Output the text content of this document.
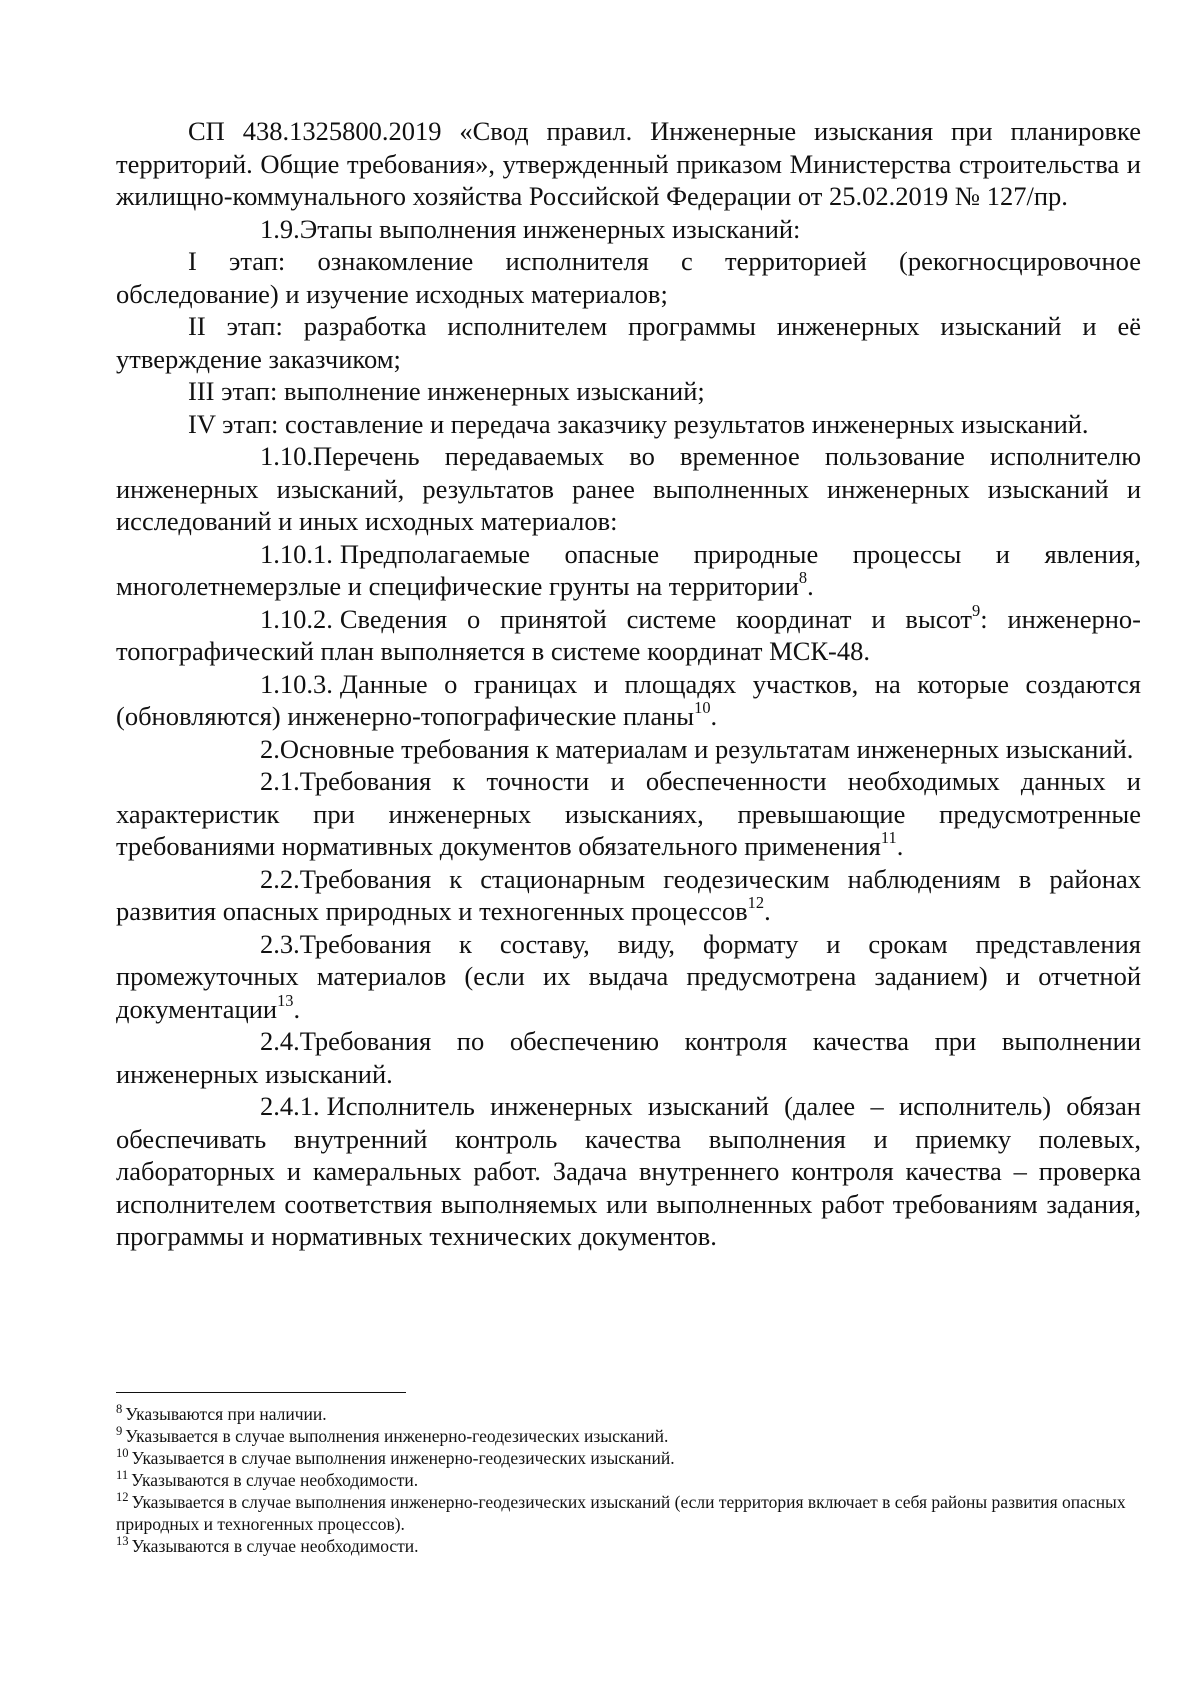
СП 438.1325800.2019 «Свод правил. Инженерные изыскания при планировке территорий. Общие требования», утвержденный приказом Министерства строительства и жилищно-коммунального хозяйства Российской Федерации от 25.02.2019 № 127/пр.

1.9.Этапы выполнения инженерных изысканий:

I этап: ознакомление исполнителя с территорией (рекогносцировочное обследование) и изучение исходных материалов;

II этап: разработка исполнителем программы инженерных изысканий и её утверждение заказчиком;

III этап: выполнение инженерных изысканий;

IV этап: составление и передача заказчику результатов инженерных изысканий.

1.10.Перечень передаваемых во временное пользование исполнителю инженерных изысканий, результатов ранее выполненных инженерных изысканий и исследований и иных исходных материалов:

1.10.1. Предполагаемые опасные природные процессы и явления, многолетнемерзлые и специфические грунты на территории$^8$.

1.10.2. Сведения о принятой системе координат и высот$^9$: инженерно-топографический план выполняется в системе координат МСК-48.

1.10.3. Данные о границах и площадях участков, на которые создаются (обновляются) инженерно-топографические планы$^{10}$.

2.Основные требования к материалам и результатам инженерных изысканий.

2.1.Требования к точности и обеспеченности необходимых данных и характеристик при инженерных изысканиях, превышающие предусмотренные требованиями нормативных документов обязательного применения$^{11}$.

2.2.Требования к стационарным геодезическим наблюдениям в районах развития опасных природных и техногенных процессов$^{12}$.

2.3.Требования к составу, виду, формату и срокам представления промежуточных материалов (если их выдача предусмотрена заданием) и отчетной документации$^{13}$.

2.4.Требования по обеспечению контроля качества при выполнении инженерных изысканий.

2.4.1. Исполнитель инженерных изысканий (далее – исполнитель) обязан обеспечивать внутренний контроль качества выполнения и приемку полевых, лабораторных и камеральных работ. Задача внутреннего контроля качества – проверка исполнителем соответствия выполняемых или выполненных работ требованиям задания, программы и нормативных технических документов.

$^8$ Указываются при наличии.

$^9$ Указывается в случае выполнения инженерно-геодезических изысканий.

$^{10}$ Указывается в случае выполнения инженерно-геодезических изысканий.

$^{11}$ Указываются в случае необходимости.

$^{12}$ Указывается в случае выполнения инженерно-геодезических изысканий (если территория включает в себя районы развития опасных природных и техногенных процессов).

$^{13}$ Указываются в случае необходимости.
